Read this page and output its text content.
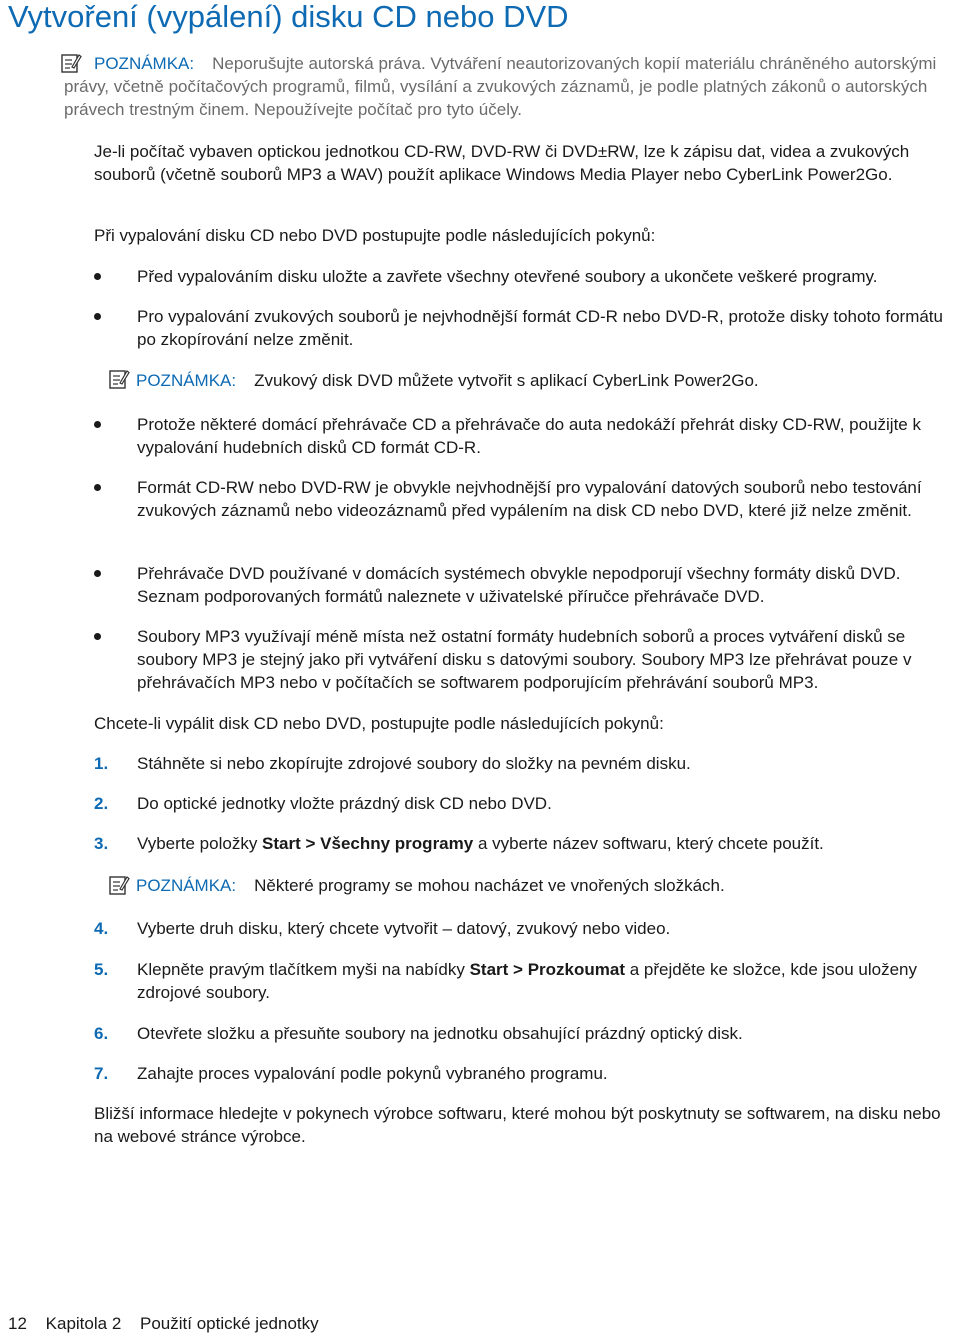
Vytvoření (vypálení) disku CD nebo DVD
POZNÁMKA: Neporušujte autorská práva. Vytváření neautorizovaných kopií materiálu chráněného autorskými právy, včetně počítačových programů, filmů, vysílání a zvukových záznamů, je podle platných zákonů o autorských právech trestným činem. Nepoužívejte počítač pro tyto účely.

Je-li počítač vybaven optickou jednotkou CD-RW, DVD-RW či DVD±RW, lze k zápisu dat, videa a zvukových souborů (včetně souborů MP3 a WAV) použít aplikace Windows Media Player nebo CyberLink Power2Go.

Při vypalování disku CD nebo DVD postupujte podle následujících pokynů:

Před vypalováním disku uložte a zavřete všechny otevřené soubory a ukončete veškeré programy.
Pro vypalování zvukových souborů je nejvhodnější formát CD-R nebo DVD-R, protože disky tohoto formátu po zkopírování nelze změnit.
POZNÁMKA: Zvukový disk DVD můžete vytvořit s aplikací CyberLink Power2Go.
Protože některé domácí přehrávače CD a přehrávače do auta nedokáží přehrát disky CD-RW, použijte k vypalování hudebních disků CD formát CD-R.
Formát CD-RW nebo DVD-RW je obvykle nejvhodnější pro vypalování datových souborů nebo testování zvukových záznamů nebo videozáznamů před vypálením na disk CD nebo DVD, které již nelze změnit.
Přehrávače DVD používané v domácích systémech obvykle nepodporují všechny formáty disků DVD. Seznam podporovaných formátů naleznete v uživatelské příručce přehrávače DVD.
Soubory MP3 využívají méně místa než ostatní formáty hudebních soborů a proces vytváření disků se soubory MP3 je stejný jako při vytváření disku s datovými soubory. Soubory MP3 lze přehrávat pouze v přehrávačích MP3 nebo v počítačích se softwarem podporujícím přehrávání souborů MP3.

Chcete-li vypálit disk CD nebo DVD, postupujte podle následujících pokynů:

1. Stáhněte si nebo zkopírujte zdrojové soubory do složky na pevném disku.
2. Do optické jednotky vložte prázdný disk CD nebo DVD.
3. Vyberte položky Start > Všechny programy a vyberte název softwaru, který chcete použít.
POZNÁMKA: Některé programy se mohou nacházet ve vnořených složkách.
4. Vyberte druh disku, který chcete vytvořit – datový, zvukový nebo video.
5. Klepněte pravým tlačítkem myši na nabídky Start > Prozkoumat a přejděte ke složce, kde jsou uloženy zdrojové soubory.
6. Otevřete složku a přesuňte soubory na jednotku obsahující prázdný optický disk.
7. Zahajte proces vypalování podle pokynů vybraného programu.

Bližší informace hledejte v pokynech výrobce softwaru, které mohou být poskytnuty se softwarem, na disku nebo na webové stránce výrobce.

12 Kapitola 2 Použití optické jednotky
